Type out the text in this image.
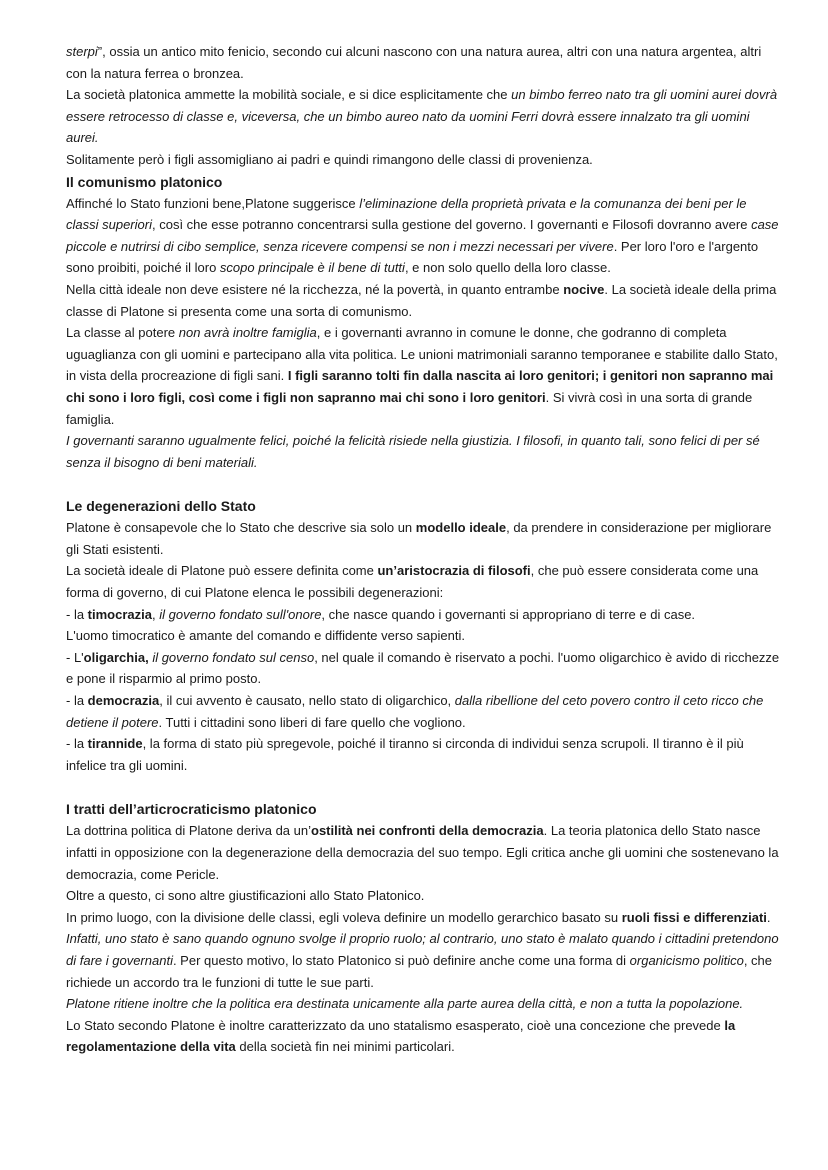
sterpi”, ossia un antico mito fenicio, secondo cui alcuni nascono con una natura aurea, altri con una natura argentea, altri con la natura ferrea o bronzea.

La società platonica ammette la mobilità sociale, e si dice esplicitamente che un bimbo ferreo nato tra gli uomini aurei dovrà essere retrocesso di classe e, viceversa, che un bimbo aureo nato da uomini Ferri dovrà essere innalzato tra gli uomini aurei.

Solitamente però i figli assomigliano ai padri e quindi rimangono delle classi di provenienza.

Il comunismo platonico

Affinché lo Stato funzioni bene,Platone suggerisce l’eliminazione della proprietà privata e la comunanza dei beni per le classi superiori, così che esse potranno concentrarsi sulla gestione del governo. I governanti e Filosofi dovranno avere case piccole e nutrirsi di cibo semplice, senza ricevere compensi se non i mezzi necessari per vivere. Per loro l'oro e l'argento sono proibiti, poiché il loro scopo principale è il bene di tutti, e non solo quello della loro classe.

Nella città ideale non deve esistere né la ricchezza, né la povertà, in quanto entrambe nocive. La società ideale della prima classe di Platone si presenta come una sorta di comunismo.

La classe al potere non avrà inoltre famiglia, e i governanti avranno in comune le donne, che godranno di completa uguaglianza con gli uomini e partecipano alla vita politica. Le unioni matrimoniali saranno temporanee e stabilite dallo Stato, in vista della procreazione di figli sani. I figli saranno tolti fin dalla nascita ai loro genitori; i genitori non sapranno mai chi sono i loro figli, così come i figli non sapranno mai chi sono i loro genitori. Si vivrà così in una sorta di grande famiglia.

I governanti saranno ugualmente felici, poiché la felicità risiede nella giustizia. I filosofi, in quanto tali, sono felici di per sé senza il bisogno di beni materiali.

Le degenerazioni dello Stato

Platone è consapevole che lo Stato che descrive sia solo un modello ideale, da prendere in considerazione per migliorare gli Stati esistenti.

La società ideale di Platone può essere definita come un’aristocrazia di filosofi, che può essere considerata come una forma di governo, di cui Platone elenca le possibili degenerazioni:

- la timocrazia, il governo fondato sull'onore, che nasce quando i governanti si appropriano di terre e di case.

L'uomo timocratico è amante del comando e diffidente verso sapienti.

- L'oligarchia, il governo fondato sul censo, nel quale il comando è riservato a pochi. l'uomo oligarchico è avido di ricchezze e pone il risparmio al primo posto.

- la democrazia, il cui avvento è causato, nello stato di oligarchico, dalla ribellione del ceto povero contro il ceto ricco che detiene il potere. Tutti i cittadini sono liberi di fare quello che vogliono.

- la tirannide, la forma di stato più spregevole, poiché il tiranno si circonda di individui senza scrupoli. Il tiranno è il più infelice tra gli uomini.

I tratti dell’articrocraticismo platonico

La dottrina politica di Platone deriva da un’ostilità nei confronti della democrazia. La teoria platonica dello Stato nasce infatti in opposizione con la degenerazione della democrazia del suo tempo. Egli critica anche gli uomini che sostenevano la democrazia, come Pericle.

Oltre a questo, ci sono altre giustificazioni allo Stato Platonico.

In primo luogo, con la divisione delle classi, egli voleva definire un modello gerarchico basato su ruoli fissi e differenziati. Infatti, uno stato è sano quando ognuno svolge il proprio ruolo; al contrario, uno stato è malato quando i cittadini pretendono di fare i governanti. Per questo motivo, lo stato Platonico si può definire anche come una forma di organicismo politico, che richiede un accordo tra le funzioni di tutte le sue parti.

Platone ritiene inoltre che la politica era destinata unicamente alla parte aurea della città, e non a tutta la popolazione.

Lo Stato secondo Platone è inoltre caratterizzato da uno statalismo esasperato, cioè una concezione che prevede la regolamentazione della vita della società fin nei minimi particolari.
